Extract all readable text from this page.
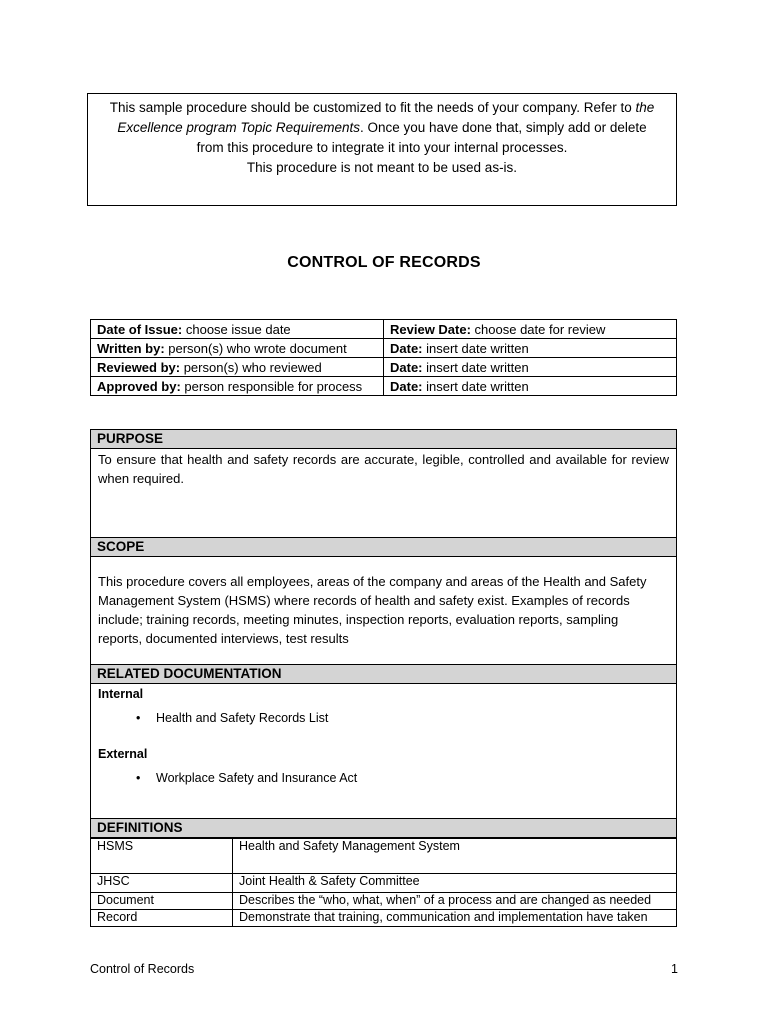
This sample procedure should be customized to fit the needs of your company. Refer to the
Excellence program Topic Requirements. Once you have done that, simply add or delete
from this procedure to integrate it into your internal processes.
This procedure is not meant to be used as-is.
CONTROL OF RECORDS
Date of Issue: choose issue date	Review Date: choose date for review
Written by: person(s) who wrote document	Date: insert date written
Reviewed by: person(s) who reviewed	Date: insert date written
Approved by: person responsible for process	Date: insert date written
PURPOSE
To ensure that health and safety records are accurate, legible, controlled and available for review when required.
SCOPE
This procedure covers all employees, areas of the company and areas of the Health and Safety Management System (HSMS) where records of health and safety exist. Examples of records include; training records, meeting minutes, inspection reports, evaluation reports, sampling reports, documented interviews, test results
RELATED DOCUMENTATION
Internal
•	Health and Safety Records List
External
•	Workplace Safety and Insurance Act
DEFINITIONS
HSMS	Health and Safety Management System
JHSC	Joint Health & Safety Committee
Document	Describes the “who, what, when” of a process and are changed as needed
Record	Demonstrate that training, communication and implementation have taken
Control of Records	1
